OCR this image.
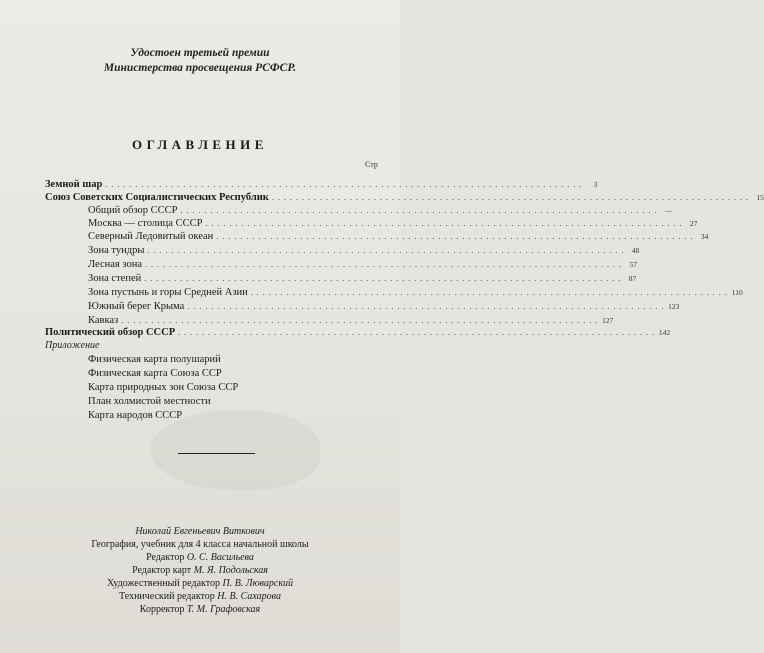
Удостоен третьей премии
Министерства просвещения РСФСР.
ОГЛАВЛЕНИЕ
Стр
Земной шар . . . . . . . . . . . . . . . . . . . . . . . . . . . . . . . . . . . . . . . . . . . . . . . . . . . . . . . . . . . . . . . . . . . . . . . . . . . . . . . .	3
Союз Советских Социалистических Республик . . . . . . . . . . . . . . . . . . . . . . . . . . . . . . . . . . . . . . . . . . . . . . . . . . . . . . . . . . . . . . . . . . . . . . . . . . . . . . . .	15
Общий обзор СССР . . . . . . . . . . . . . . . . . . . . . . . . . . . . . . . . . . . . . . . . . . . . . . . . . . . . . . . . . . . . . . . . . . . . . . . . . . . . . . . .	—
Москва — столица СССР . . . . . . . . . . . . . . . . . . . . . . . . . . . . . . . . . . . . . . . . . . . . . . . . . . . . . . . . . . . . . . . . . . . . . . . . . . . . . . . .	27
Северный Ледовитый океан . . . . . . . . . . . . . . . . . . . . . . . . . . . . . . . . . . . . . . . . . . . . . . . . . . . . . . . . . . . . . . . . . . . . . . . . . . . . . . . .	34
Зона тундры . . . . . . . . . . . . . . . . . . . . . . . . . . . . . . . . . . . . . . . . . . . . . . . . . . . . . . . . . . . . . . . . . . . . . . . . . . . . . . . .	48
Лесная зона . . . . . . . . . . . . . . . . . . . . . . . . . . . . . . . . . . . . . . . . . . . . . . . . . . . . . . . . . . . . . . . . . . . . . . . . . . . . . . . .	57
Зона степей . . . . . . . . . . . . . . . . . . . . . . . . . . . . . . . . . . . . . . . . . . . . . . . . . . . . . . . . . . . . . . . . . . . . . . . . . . . . . . . .	87
Зона пустынь и горы Средней Азии . . . . . . . . . . . . . . . . . . . . . . . . . . . . . . . . . . . . . . . . . . . . . . . . . . . . . . . . . . . . . . . . . . . . . . . . . . . . . . . . 110
Южный берег Крыма . . . . . . . . . . . . . . . . . . . . . . . . . . . . . . . . . . . . . . . . . . . . . . . . . . . . . . . . . . . . . . . . . . . . . . . . . . . . . . . . 123
Кавказ . . . . . . . . . . . . . . . . . . . . . . . . . . . . . . . . . . . . . . . . . . . . . . . . . . . . . . . . . . . . . . . . . . . . . . . . . . . . . . . . 127
Политический обзор СССР . . . . . . . . . . . . . . . . . . . . . . . . . . . . . . . . . . . . . . . . . . . . . . . . . . . . . . . . . . . . . . . . . . . . . . . . . . . . . . . . 142
Приложение
Физическая карта полушарий
Физическая карта Союза ССР
Карта природных зон Союза ССР
План холмистой местности
Карта народов СССР
Николай Евгеньевич Виткович
География, учебник для 4 класса начальной школы
Редактор О. С. Васильева
Редактор карт М. Я. Подольская
Художественный редактор П. В. Люварский
Технический редактор Н. В. Сахарова
Корректор Т. М. Графовская
